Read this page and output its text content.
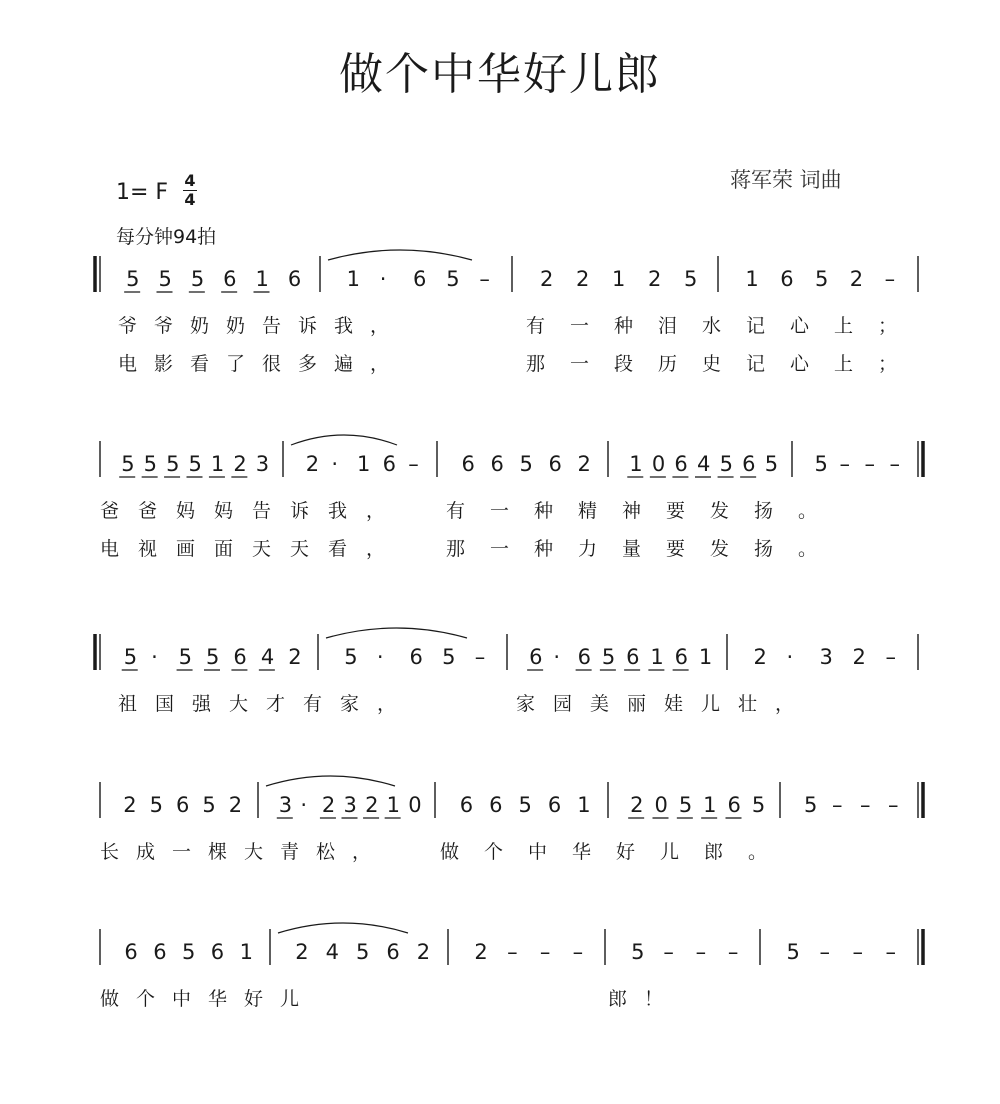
做个中华好儿郎
蒋军荣 词曲
1= F $\frac{4}{4}$
每分钟94拍
5 5 5 6 1 6 1 · 6 5 – 2 2 1 2 5 1 6 5 2 –
5 5 5 5 1 2 3 2 · 1 6 – 6 6 5 6 2 1 0 6 4 5 6 5 5 – – –
5 · 5 5 6 4 2 5 · 6 5 – 6 · 6 5 6 1 6 1 2 · 3 2 –
2 5 6 5 2 3 · 2 3 2 1 0 6 6 5 6 1 2 0 5 1 6 5 5 – – –
6 6 5 6 1 2 4 5 6 2 2 – – – 5 – – – 5 – – –
爷 爷 奶 奶 告 诉 我 ，	有 一 种 泪 水 记 心 上 ；
电 影 看 了 很 多 遍 ，	那 一 段 历 史 记 心 上 ；
爸 爸 妈 妈 告 诉 我 ，	有 一 种 精 神 要 发 扬 。
电 视 画 面 天 天 看 ，	那 一 种 力 量 要 发 扬 。
祖 国 强 大 才 有 家 ，	家 园 美 丽 娃 儿 壮 ，
长 成 一 棵 大 青 松 ，	做 个 中 华 好 儿 郎 。
做 个 中 华 好 儿	郎 ！
